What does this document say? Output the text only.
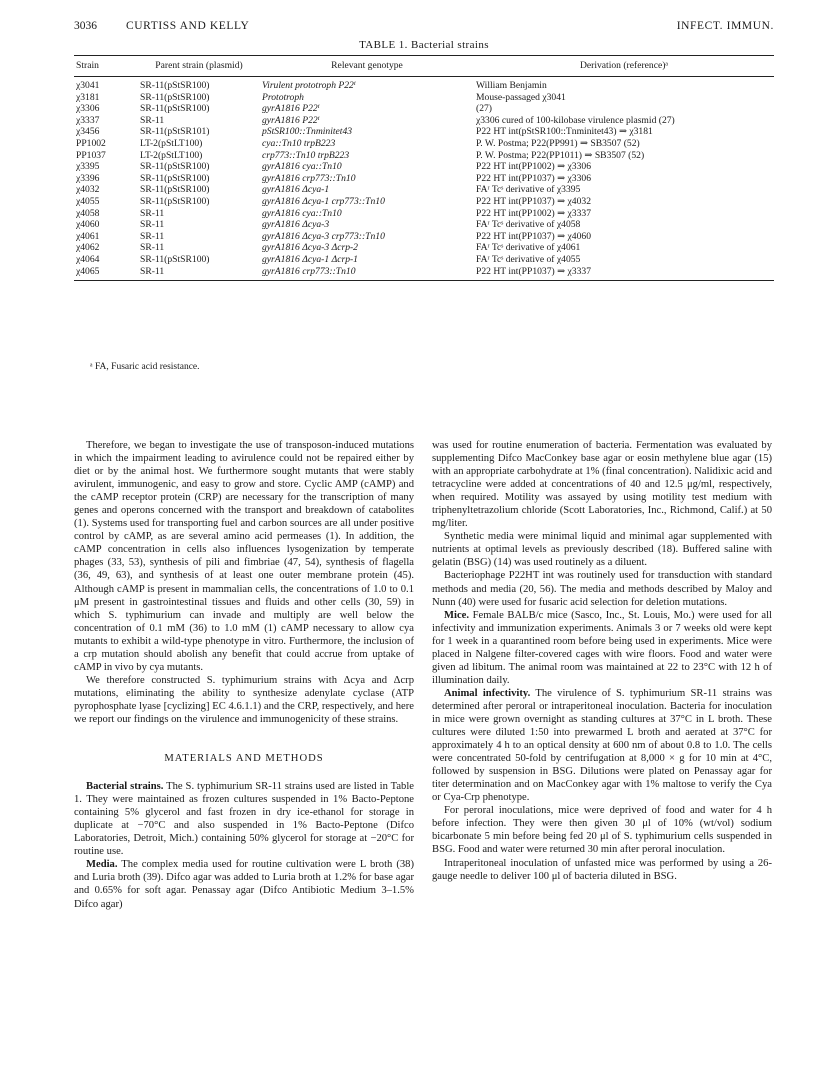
3036	CURTISS AND KELLY	INFECT. IMMUN.
TABLE 1. Bacterial strains
Strain	Parent strain (plasmid)	Relevant genotype	Derivation (reference)ᵃ
χ3041	SR-11(pStSR100)	Virulent prototroph P22ⁱ	William Benjamin
χ3181	SR-11(pStSR100)	Prototroph	Mouse-passaged χ3041
χ3306	SR-11(pStSR100)	gyrA1816 P22ⁱ	(27)
χ3337	SR-11	gyrA1816 P22ⁱ	χ3306 cured of 100-kilobase virulence plasmid (27)
χ3456	SR-11(pStSR101)	pStSR100::Tnminitet43	P22 HT int(pStSR100::Tnminitet43) ⇒ χ3181
PP1002	LT-2(pStLT100)	cya::Tn10 trpB223	P. W. Postma; P22(PP991) ⇒ SB3507 (52)
PP1037	LT-2(pStLT100)	crp773::Tn10 trpB223	P. W. Postma; P22(PP1011) ⇒ SB3507 (52)
χ3395	SR-11(pStSR100)	gyrA1816 cya::Tn10	P22 HT int(PP1002) ⇒ χ3306
χ3396	SR-11(pStSR100)	gyrA1816 crp773::Tn10	P22 HT int(PP1037) ⇒ χ3306
χ4032	SR-11(pStSR100)	gyrA1816 Δcya-1	FAʳ Tcˢ derivative of χ3395
χ4055	SR-11(pStSR100)	gyrA1816 Δcya-1 crp773::Tn10	P22 HT int(PP1037) ⇒ χ4032
χ4058	SR-11	gyrA1816 cya::Tn10	P22 HT int(PP1002) ⇒ χ3337
χ4060	SR-11	gyrA1816 Δcya-3	FAʳ Tcˢ derivative of χ4058
χ4061	SR-11	gyrA1816 Δcya-3 crp773::Tn10	P22 HT int(PP1037) ⇒ χ4060
χ4062	SR-11	gyrA1816 Δcya-3 Δcrp-2	FAʳ Tcˢ derivative of χ4061
χ4064	SR-11(pStSR100)	gyrA1816 Δcya-1 Δcrp-1	FAʳ Tcˢ derivative of χ4055
χ4065	SR-11	gyrA1816 crp773::Tn10	P22 HT int(PP1037) ⇒ χ3337
ᵃ FA, Fusaric acid resistance.

Therefore, we began to investigate the use of transposon-induced mutations in which the impairment leading to avirulence could not be repaired either by diet or by the animal host. We furthermore sought mutants that were stably avirulent, immunogenic, and easy to grow and store. Cyclic AMP (cAMP) and the cAMP receptor protein (CRP) are necessary for the transcription of many genes and operons concerned with the transport and breakdown of catabolites (1). Systems used for transporting fuel and carbon sources are all under positive control by cAMP, as are several amino acid permeases (1). In addition, the cAMP concentration in cells also influences lysogenization by temperate phages (33, 53), synthesis of pili and fimbriae (47, 54), synthesis of flagella (36, 49, 63), and synthesis of at least one outer membrane protein (45). Although cAMP is present in mammalian cells, the concentrations of 1.0 to 0.1 μM present in gastrointestinal tissues and fluids and other cells (30, 59) in which S. typhimurium can invade and multiply are well below the concentration of 0.1 mM (36) to 1.0 mM (1) cAMP necessary to allow cya mutants to exhibit a wild-type phenotype in vitro. Furthermore, the inclusion of a crp mutation should abolish any benefit that could accrue from uptake of cAMP in vivo by cya mutants.

We therefore constructed S. typhimurium strains with Δcya and Δcrp mutations, eliminating the ability to synthesize adenylate cyclase (ATP pyrophosphate lyase [cyclizing] EC 4.6.1.1) and the CRP, respectively, and here we report our findings on the virulence and immunogenicity of these strains.

MATERIALS AND METHODS

Bacterial strains. The S. typhimurium SR-11 strains used are listed in Table 1. They were maintained as frozen cultures suspended in 1% Bacto-Peptone containing 5% glycerol and fast frozen in dry ice-ethanol for storage in duplicate at −70°C and also suspended in 1% Bacto-Peptone (Difco Laboratories, Detroit, Mich.) containing 50% glycerol for storage at −20°C for routine use.

Media. The complex media used for routine cultivation were L broth (38) and Luria broth (39). Difco agar was added to Luria broth at 1.2% for base agar and 0.65% for soft agar. Penassay agar (Difco Antibiotic Medium 3–1.5% Difco agar)

was used for routine enumeration of bacteria. Fermentation was evaluated by supplementing Difco MacConkey base agar or eosin methylene blue agar (15) with an appropriate carbohydrate at 1% (final concentration). Nalidixic acid and tetracycline were added at concentrations of 40 and 12.5 μg/ml, respectively, when required. Motility was assayed by using motility test medium with triphenyltetrazolium chloride (Scott Laboratories, Inc., Richmond, Calif.) at 50 mg/liter.

Synthetic media were minimal liquid and minimal agar supplemented with nutrients at optimal levels as previously described (18). Buffered saline with gelatin (BSG) (14) was used routinely as a diluent.

Bacteriophage P22HT int was routinely used for transduction with standard methods and media (20, 56). The media and methods described by Maloy and Nunn (40) were used for fusaric acid selection for deletion mutations.

Mice. Female BALB/c mice (Sasco, Inc., St. Louis, Mo.) were used for all infectivity and immunization experiments. Animals 3 or 7 weeks old were kept for 1 week in a quarantined room before being used in experiments. Mice were placed in Nalgene filter-covered cages with wire floors. Food and water were given ad libitum. The animal room was maintained at 22 to 23°C with 12 h of illumination daily.

Animal infectivity. The virulence of S. typhimurium SR-11 strains was determined after peroral or intraperitoneal inoculation. Bacteria for inoculation in mice were grown overnight as standing cultures at 37°C in L broth. These cultures were diluted 1:50 into prewarmed L broth and aerated at 37°C for approximately 4 h to an optical density at 600 nm of about 0.8 to 1.0. The cells were concentrated 50-fold by centrifugation at 8,000 × g for 10 min at 4°C, followed by suspension in BSG. Dilutions were plated on Penassay agar for titer determination and on MacConkey agar with 1% maltose to verify the Cya or Cya-Crp phenotype.

For peroral inoculations, mice were deprived of food and water for 4 h before infection. They were then given 30 μl of 10% (wt/vol) sodium bicarbonate 5 min before being fed 20 μl of S. typhimurium cells suspended in BSG. Food and water were returned 30 min after peroral inoculation.

Intraperitoneal inoculation of unfasted mice was performed by using a 26-gauge needle to deliver 100 μl of bacteria diluted in BSG.
